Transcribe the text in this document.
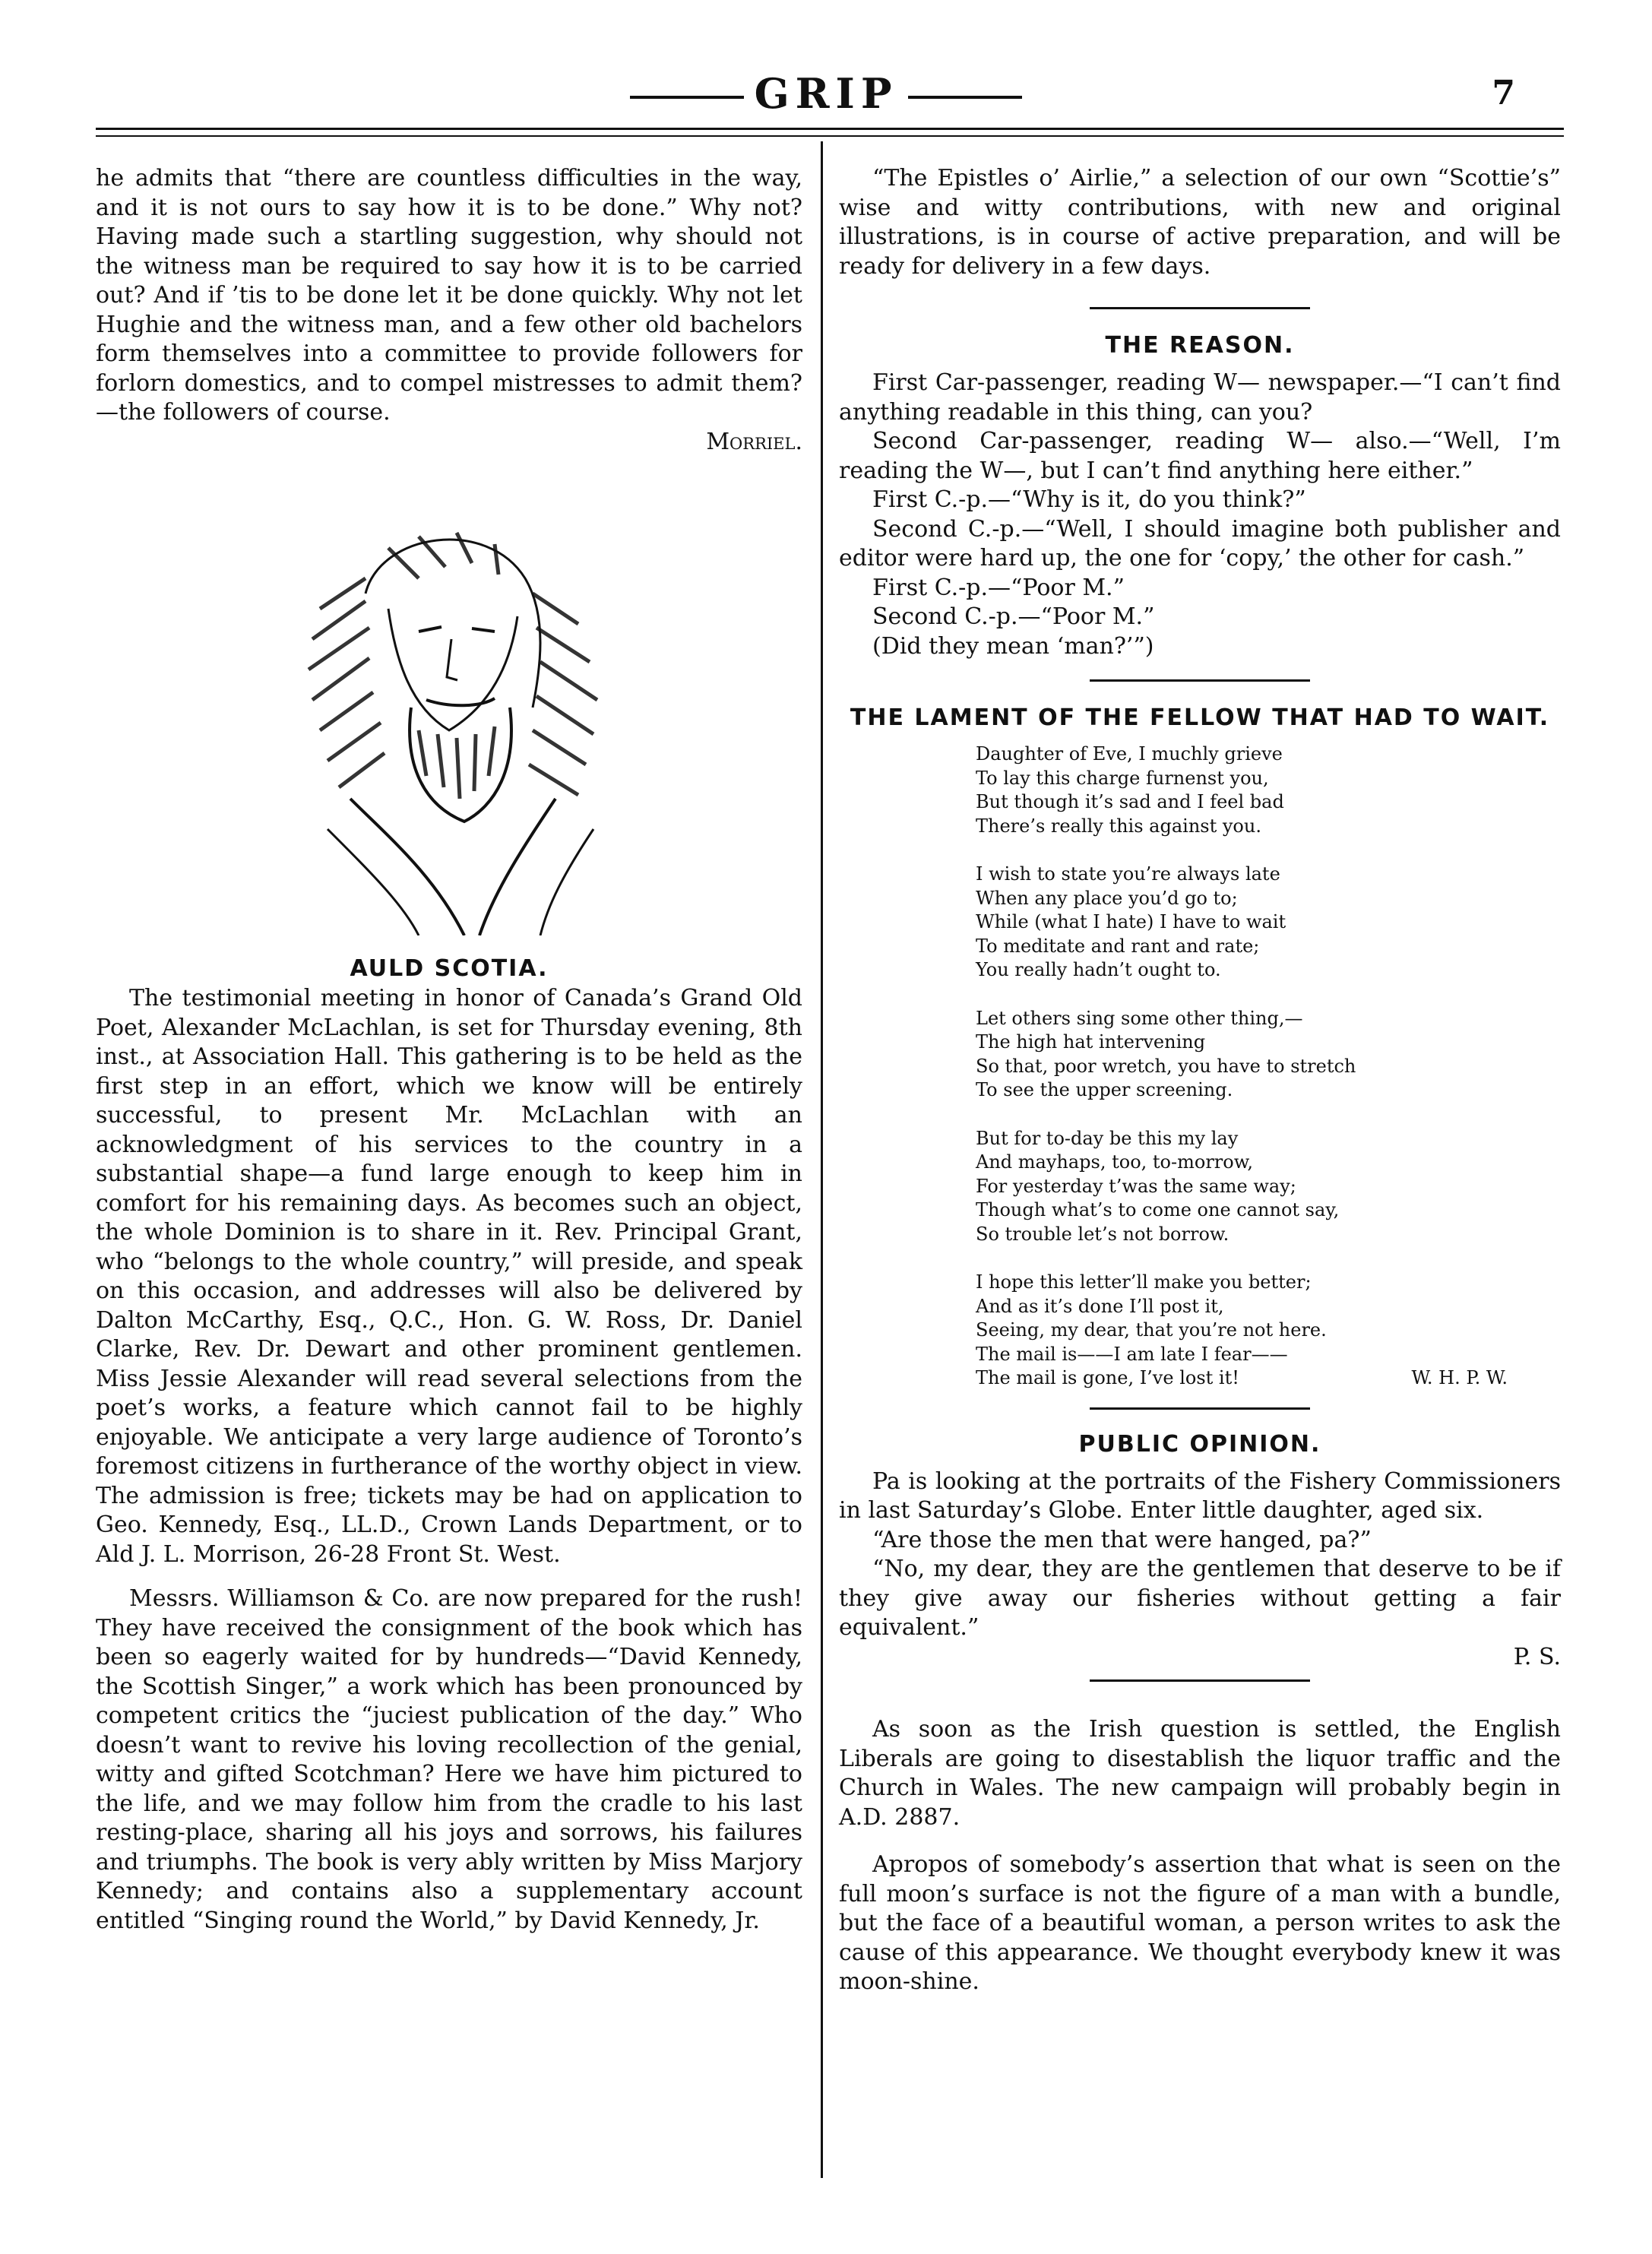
GRIP	7

he admits that “there are countless difficulties in the way, and it is not ours to say how it is to be done.” Why not? Having made such a startling suggestion, why should not the witness man be required to say how it is to be carried out? And if ’tis to be done let it be done quickly. Why not let Hughie and the witness man, and a few other old bachelors form themselves into a committee to provide followers for forlorn domestics, and to compel mistresses to admit them?—the followers of course.

Morriel.
AULD SCOTIA.

The testimonial meeting in honor of Canada’s Grand Old Poet, Alexander McLachlan, is set for Thursday evening, 8th inst., at Association Hall. This gathering is to be held as the first step in an effort, which we know will be entirely successful, to present Mr. McLachlan with an acknowledgment of his services to the country in a substantial shape—a fund large enough to keep him in comfort for his remaining days. As becomes such an object, the whole Dominion is to share in it. Rev. Principal Grant, who “belongs to the whole country,” will preside, and speak on this occasion, and addresses will also be delivered by Dalton McCarthy, Esq., Q.C., Hon. G. W. Ross, Dr. Daniel Clarke, Rev. Dr. Dewart and other prominent gentlemen. Miss Jessie Alexander will read several selections from the poet’s works, a feature which cannot fail to be highly enjoyable. We anticipate a very large audience of Toronto’s foremost citizens in furtherance of the worthy object in view. The admission is free; tickets may be had on application to Geo. Kennedy, Esq., LL.D., Crown Lands Department, or to Ald J. L. Morrison, 26-28 Front St. West.

Messrs. Williamson & Co. are now prepared for the rush! They have received the consignment of the book which has been so eagerly waited for by hundreds—“David Kennedy, the Scottish Singer,” a work which has been pronounced by competent critics the “juciest publication of the day.” Who doesn’t want to revive his loving recollection of the genial, witty and gifted Scotchman? Here we have him pictured to the life, and we may follow him from the cradle to his last resting-place, sharing all his joys and sorrows, his failures and triumphs. The book is very ably written by Miss Marjory Kennedy; and contains also a supplementary account entitled “Singing round the World,” by David Kennedy, Jr.

“The Epistles o’ Airlie,” a selection of our own “Scottie’s” wise and witty contributions, with new and original illustrations, is in course of active preparation, and will be ready for delivery in a few days.

THE REASON.

First Car-passenger, reading W— newspaper.—“I can’t find anything readable in this thing, can you?

Second Car-passenger, reading W— also.—“Well, I’m reading the W—, but I can’t find anything here either.”

First C.-p.—“Why is it, do you think?”

Second C.-p.—“Well, I should imagine both publisher and editor were hard up, the one for ‘copy,’ the other for cash.”

First C.-p.—“Poor M.”

Second C.-p.—“Poor M.”

(Did they mean ‘man?’”)

THE LAMENT OF THE FELLOW THAT HAD TO WAIT.
Daughter of Eve, I muchly grieve
To lay this charge furnenst you,
But though it’s sad and I feel bad
There’s really this against you.
I wish to state you’re always late
When any place you’d go to;
While (what I hate) I have to wait
To meditate and rant and rate;
You really hadn’t ought to.
Let others sing some other thing,—
The high hat intervening
So that, poor wretch, you have to stretch
To see the upper screening.
But for to-day be this my lay
And mayhaps, too, to-morrow,
For yesterday t’was the same way;
Though what’s to come one cannot say,
So trouble let’s not borrow.
I hope this letter’ll make you better;
And as it’s done I’ll post it,
Seeing, my dear, that you’re not here.
The mail is——I am late I fear——
The mail is gone, I’ve lost it!	W. H. P. W.
PUBLIC OPINION.

Pa is looking at the portraits of the Fishery Commissioners in last Saturday’s Globe. Enter little daughter, aged six.

“Are those the men that were hanged, pa?”

“No, my dear, they are the gentlemen that deserve to be if they give away our fisheries without getting a fair equivalent.”

P. S.

As soon as the Irish question is settled, the English Liberals are going to disestablish the liquor traffic and the Church in Wales. The new campaign will probably begin in A.D. 2887.

Apropos of somebody’s assertion that what is seen on the full moon’s surface is not the figure of a man with a bundle, but the face of a beautiful woman, a person writes to ask the cause of this appearance. We thought everybody knew it was moon-shine.
